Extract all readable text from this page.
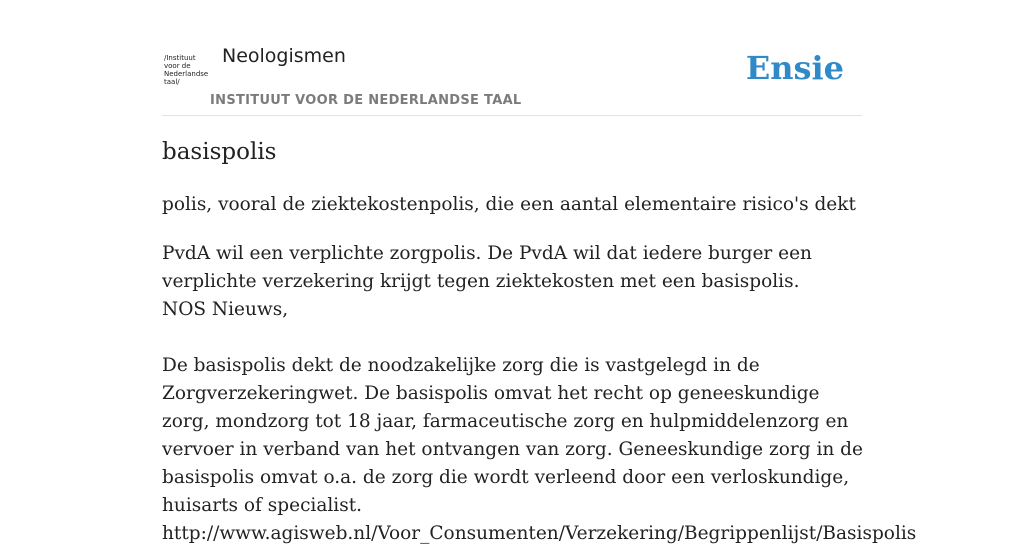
/Instituut
voor de
Nederlandse
taal/
Neologismen
INSTITUUT VOOR DE NEDERLANDSE TAAL
Ensie
basispolis
polis, vooral de ziektekostenpolis, die een aantal elementaire risico's dekt

PvdA wil een verplichte zorgpolis. De PvdA wil dat iedere burger een verplichte verzekering krijgt tegen ziektekosten met een basispolis.

NOS Nieuws,

De basispolis dekt de noodzakelijke zorg die is vastgelegd in de Zorgverzekeringwet. De basispolis omvat het recht op geneeskundige zorg, mondzorg tot 18 jaar, farmaceutische zorg en hulpmiddelenzorg en vervoer in verband van het ontvangen van zorg. Geneeskundige zorg in de basispolis omvat o.a. de zorg die wordt verleend door een verloskundige, huisarts of specialist.

http://www.agisweb.nl/Voor_Consumenten/Verzekering/Begrippenlijst/Basispolis
